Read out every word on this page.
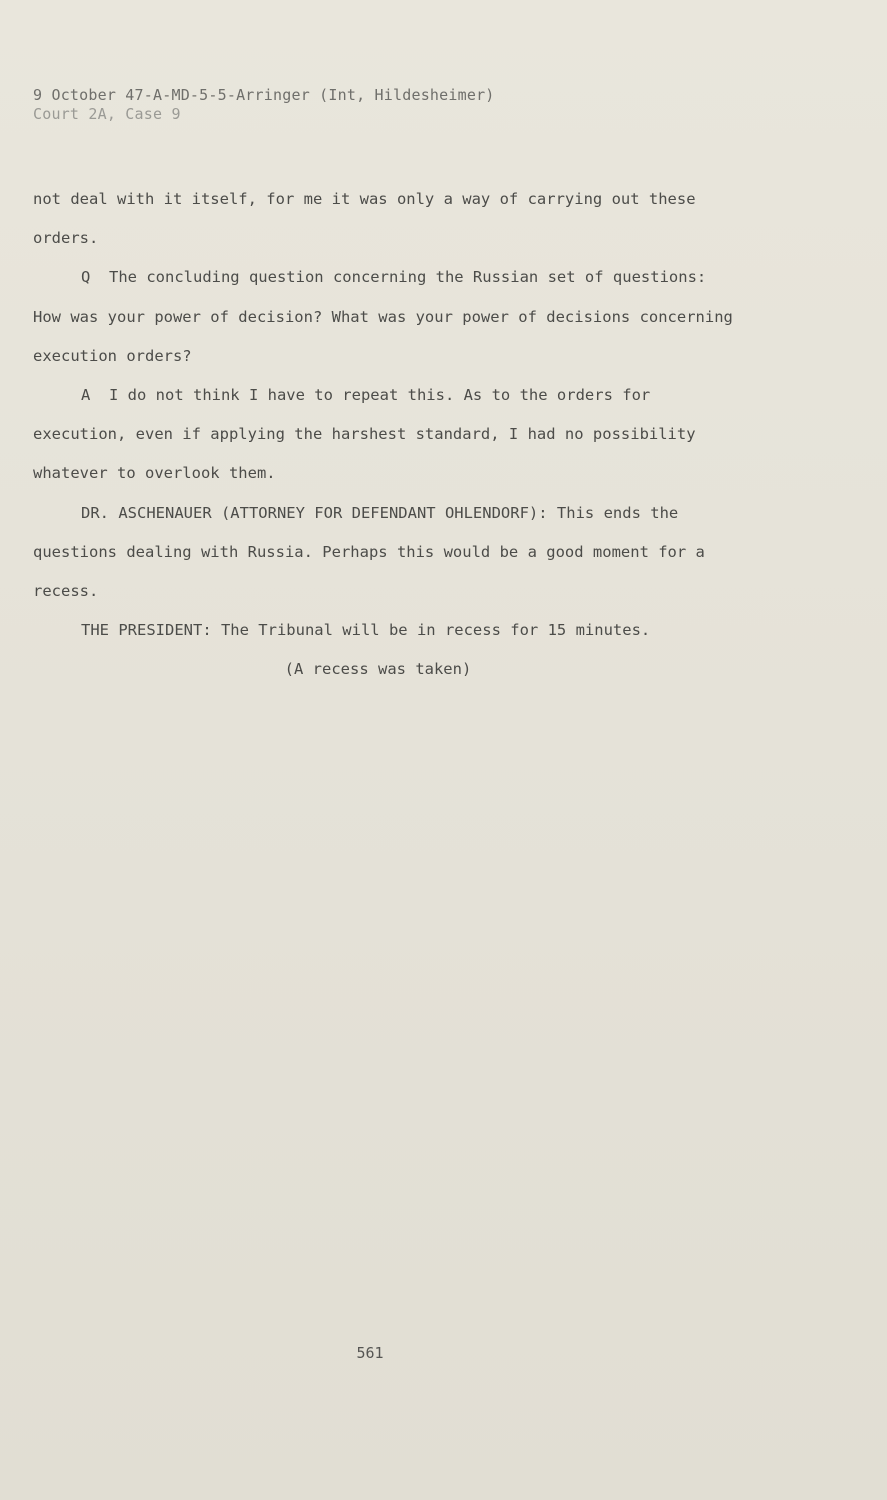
9 October 47-A-MD-5-5-Arringer (Int, Hildesheimer)
Court 2A, Case 9

not deal with it itself, for me it was only a way of carrying out these
orders.

Q  The concluding question concerning the Russian set of questions:
How was your power of decision? What was your power of decisions concerning
execution orders?

A  I do not think I have to repeat this. As to the orders for
execution, even if applying the harshest standard, I had no possibility
whatever to overlook them.

DR. ASCHENAUER (ATTORNEY FOR DEFENDANT OHLENDORF): This ends the
questions dealing with Russia. Perhaps this would be a good moment for a
recess.

THE PRESIDENT: The Tribunal will be in recess for 15 minutes.

(A recess was taken)

561
